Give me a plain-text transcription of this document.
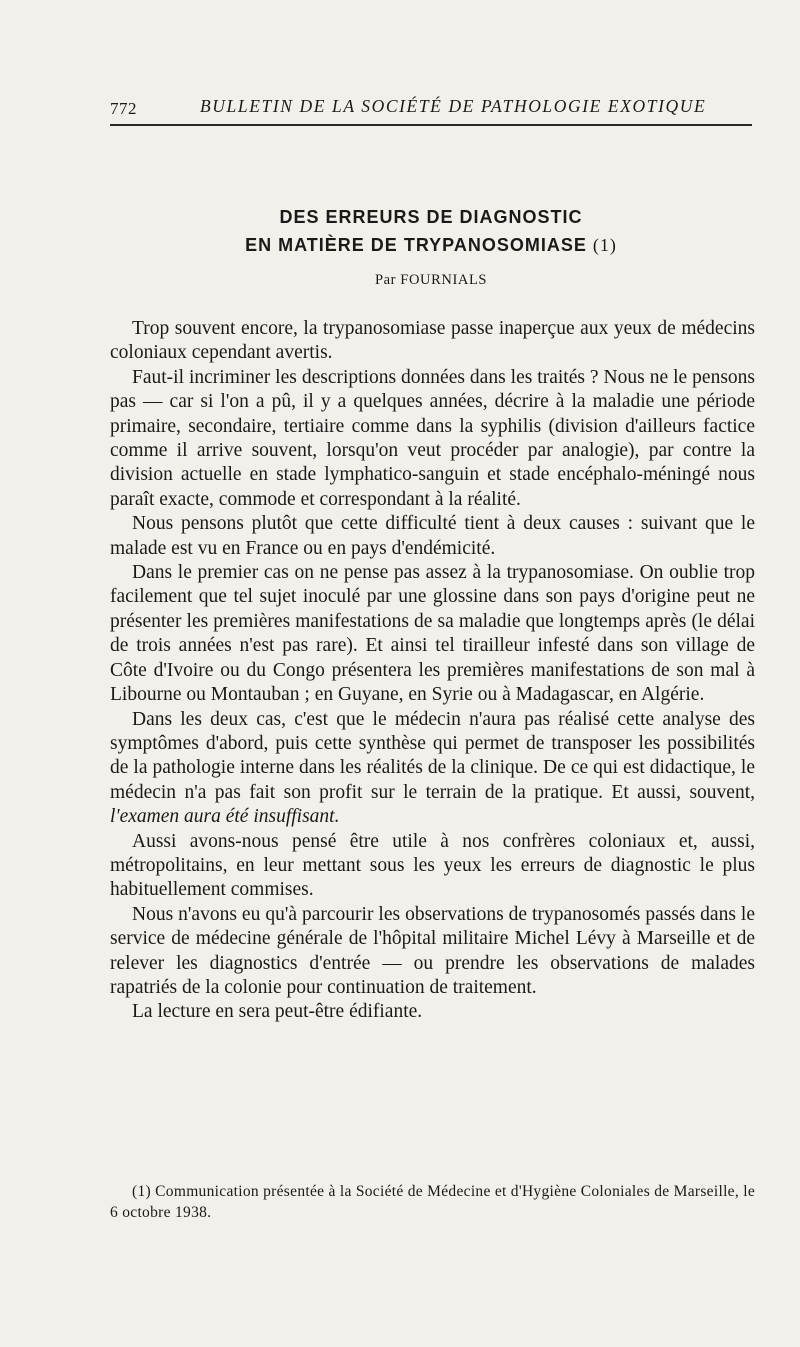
772	BULLETIN DE LA SOCIÉTÉ DE PATHOLOGIE EXOTIQUE
DES ERREURS DE DIAGNOSTIC
EN MATIÈRE DE TRYPANOSOMIASE (1)
Par FOURNIALS

Trop souvent encore, la trypanosomiase passe inaperçue aux yeux de médecins coloniaux cependant avertis.

Faut-il incriminer les descriptions données dans les traités ? Nous ne le pensons pas — car si l'on a pû, il y a quelques années, décrire à la maladie une période primaire, secondaire, tertiaire comme dans la syphilis (division d'ailleurs factice comme il arrive souvent, lorsqu'on veut procéder par analogie), par contre la division actuelle en stade lymphatico-sanguin et stade encéphalo-méningé nous paraît exacte, commode et correspondant à la réalité.

Nous pensons plutôt que cette difficulté tient à deux causes : suivant que le malade est vu en France ou en pays d'endémicité.

Dans le premier cas on ne pense pas assez à la trypanosomiase. On oublie trop facilement que tel sujet inoculé par une glossine dans son pays d'origine peut ne présenter les premières manifestations de sa maladie que longtemps après (le délai de trois années n'est pas rare). Et ainsi tel tirailleur infesté dans son village de Côte d'Ivoire ou du Congo présentera les premières manifestations de son mal à Libourne ou Montauban ; en Guyane, en Syrie ou à Madagascar, en Algérie.

Dans les deux cas, c'est que le médecin n'aura pas réalisé cette analyse des symptômes d'abord, puis cette synthèse qui permet de transposer les possibilités de la pathologie interne dans les réalités de la clinique. De ce qui est didactique, le médecin n'a pas fait son profit sur le terrain de la pratique. Et aussi, souvent, l'examen aura été insuffisant.

Aussi avons-nous pensé être utile à nos confrères coloniaux et, aussi, métropolitains, en leur mettant sous les yeux les erreurs de diagnostic le plus habituellement commises.

Nous n'avons eu qu'à parcourir les observations de trypanosomés passés dans le service de médecine générale de l'hôpital militaire Michel Lévy à Marseille et de relever les diagnostics d'entrée — ou prendre les observations de malades rapatriés de la colonie pour continuation de traitement.

La lecture en sera peut-être édifiante.

(1) Communication présentée à la Société de Médecine et d'Hygiène Coloniales de Marseille, le 6 octobre 1938.
